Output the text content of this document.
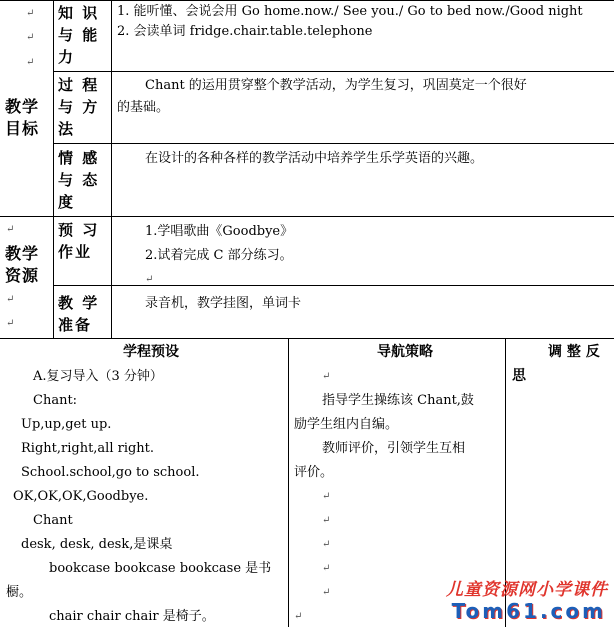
↵
↵
↵
教学
目标
知 识
与 能
力
1. 能听懂、会说会用 Go home.now./ See you./ Go to bed now./Good night
2. 会读单词 fridge.chair.table.telephone
过 程
与 方
法
Chant 的运用贯穿整个教学活动，为学生复习，巩固莫定一个很好
的基础。
情 感
与 态
度
在设计的各种各样的教学活动中培养学生乐学英语的兴趣。
↵
教学
资源
↵
↵
预 习
作业
1.学唱歌曲《Goodbye》
2.试着完成 C 部分练习。
↵
教 学
准备
录音机，教学挂图，单词卡
学程预设	导航策略	调 整 反
思
A.复习导入（3 分钟）
Chant:
Up,up,get up.
Right,right,all right.
School.school,go to school.
OK,OK,OK,Goodbye.
Chant
desk, desk, desk,是课桌
bookcase bookcase bookcase 是书
橱。
chair chair chair 是椅子。
↵
指导学生操练该 Chant,鼓
励学生组内自编。
教师评价，引领学生互相
评价。
↵
↵
↵
↵
↵
↵
儿童资源网小学课件
Tom61.com
